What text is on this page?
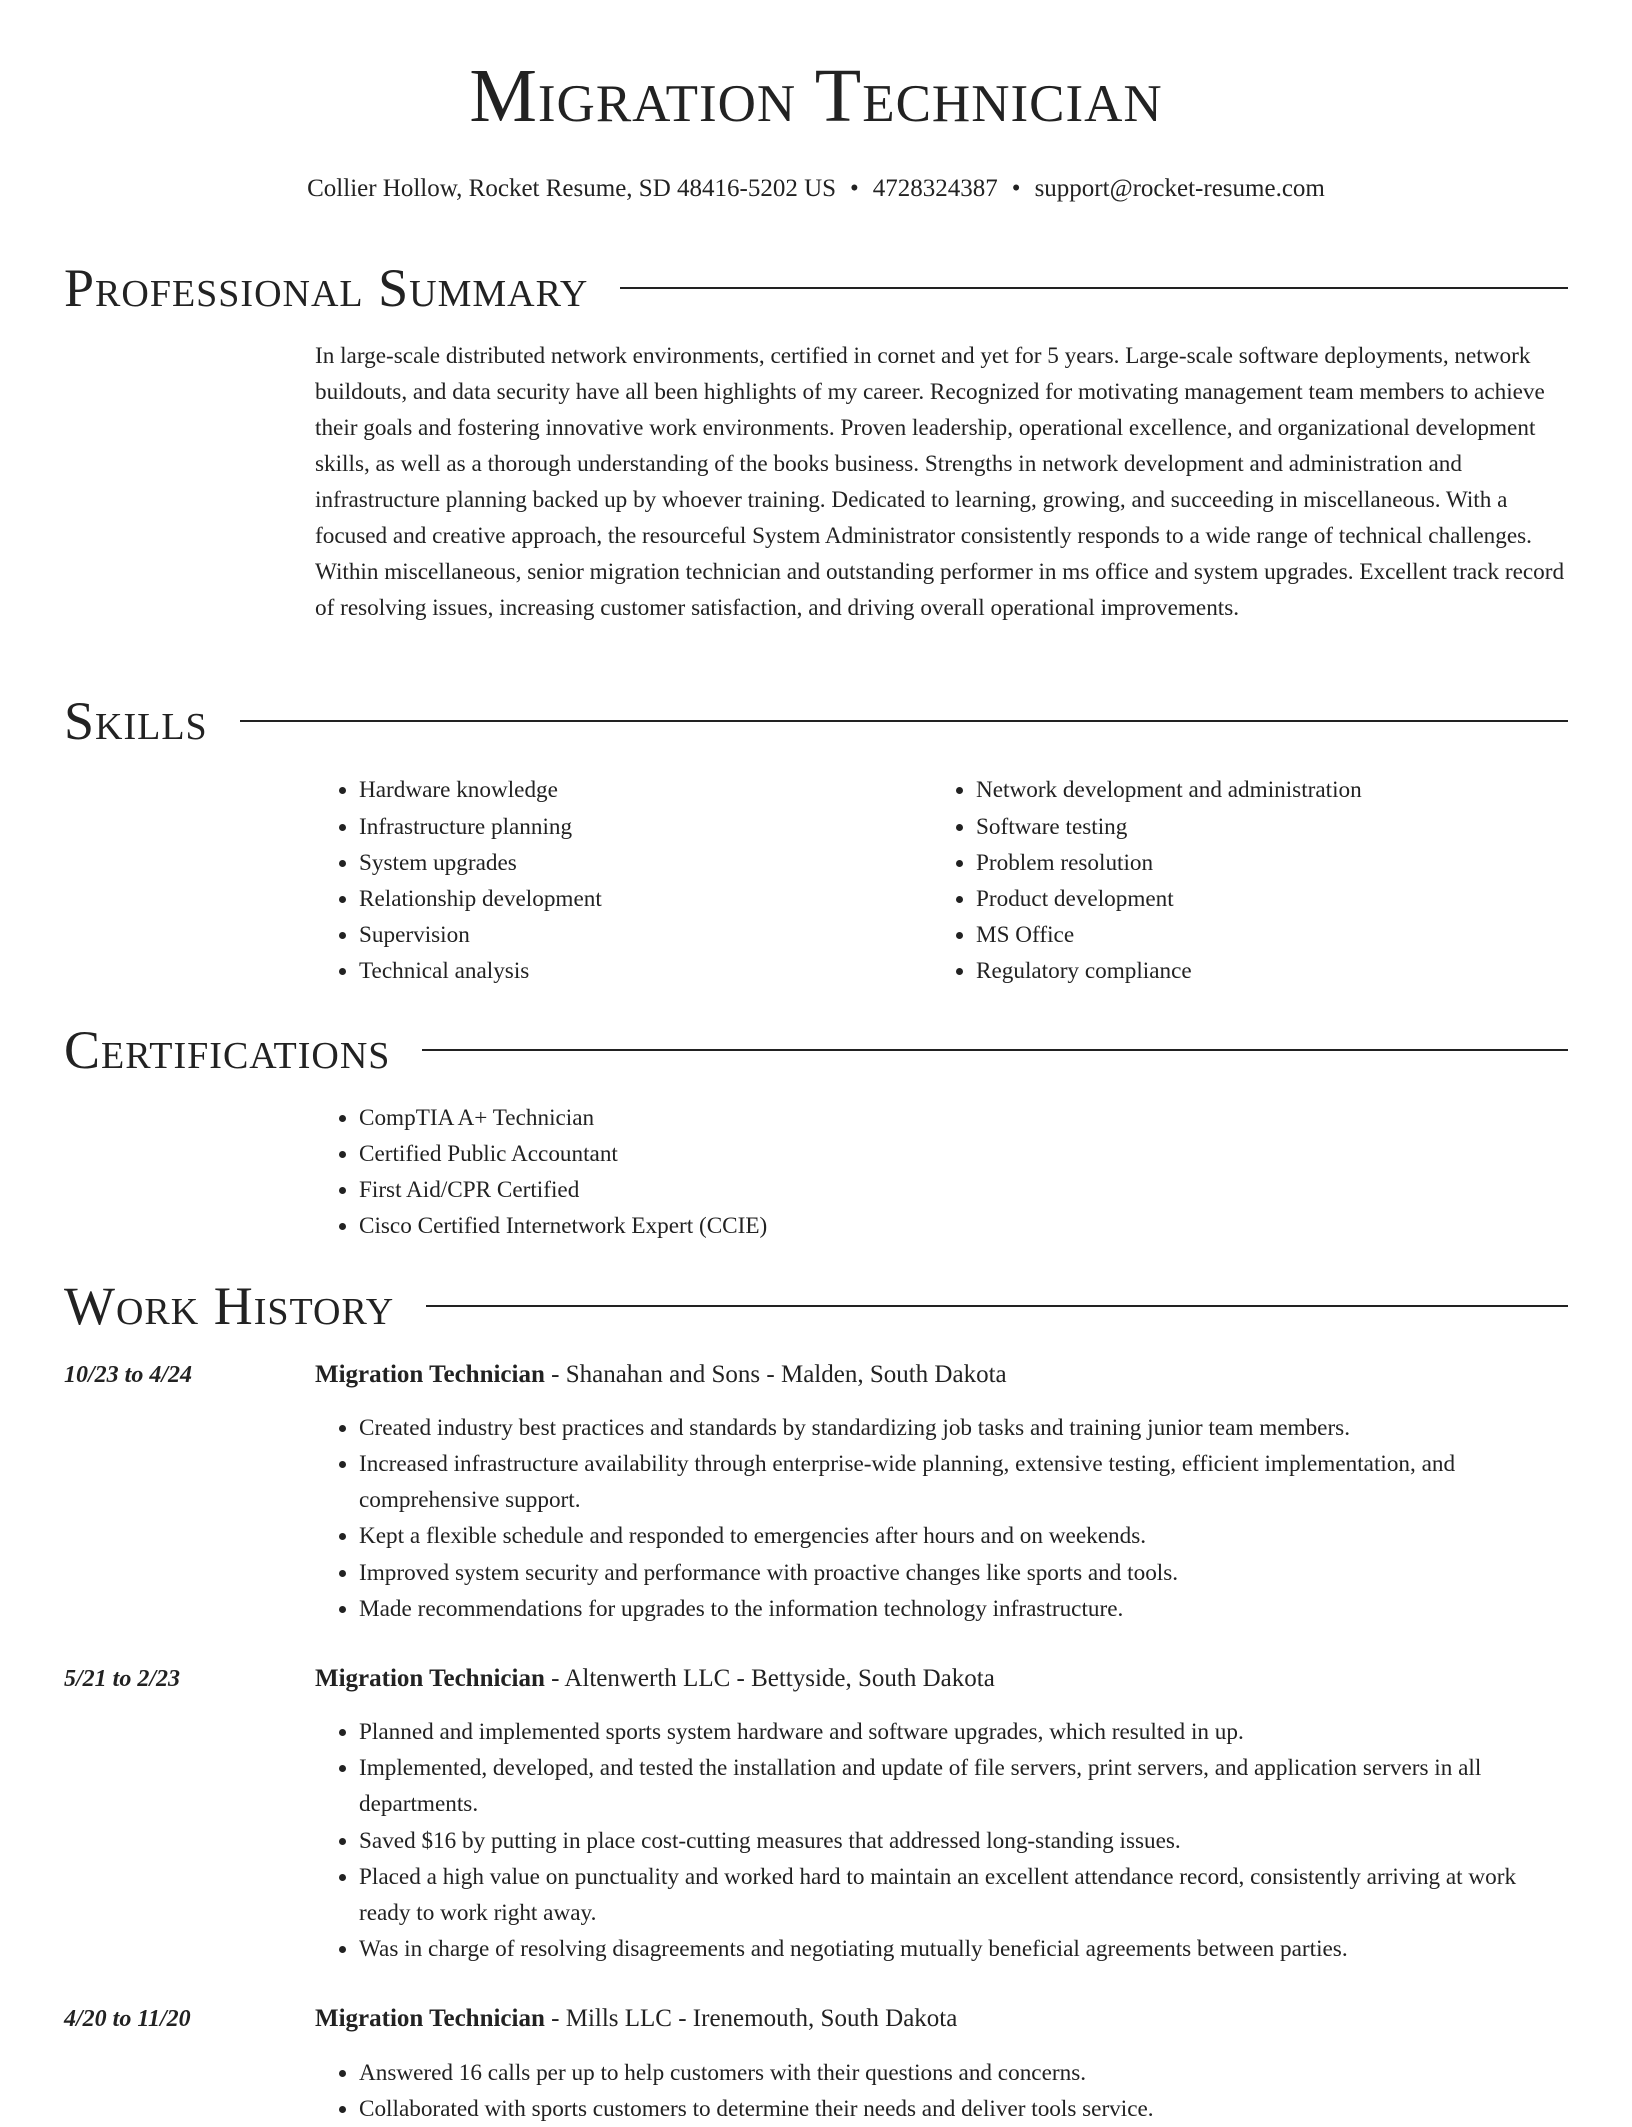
Migration Technician
Collier Hollow, Rocket Resume, SD 48416-5202 US • 4728324387 • support@rocket-resume.com
Professional Summary

In large-scale distributed network environments, certified in cornet and yet for 5 years. Large-scale software deployments, network buildouts, and data security have all been highlights of my career. Recognized for motivating management team members to achieve their goals and fostering innovative work environments. Proven leadership, operational excellence, and organizational development skills, as well as a thorough understanding of the books business. Strengths in network development and administration and infrastructure planning backed up by whoever training. Dedicated to learning, growing, and succeeding in miscellaneous. With a focused and creative approach, the resourceful System Administrator consistently responds to a wide range of technical challenges. Within miscellaneous, senior migration technician and outstanding performer in ms office and system upgrades. Excellent track record of resolving issues, increasing customer satisfaction, and driving overall operational improvements.

Skills
• Hardware knowledge
• Infrastructure planning
• System upgrades
• Relationship development
• Supervision
• Technical analysis
• Network development and administration
• Software testing
• Problem resolution
• Product development
• MS Office
• Regulatory compliance
Certifications
• CompTIA A+ Technician
• Certified Public Accountant
• First Aid/CPR Certified
• Cisco Certified Internetwork Expert (CCIE)
Work History
10/23 to 4/24	Migration Technician - Shanahan and Sons - Malden, South Dakota
• Created industry best practices and standards by standardizing job tasks and training junior team members.
• Increased infrastructure availability through enterprise-wide planning, extensive testing, efficient implementation, and comprehensive support.
• Kept a flexible schedule and responded to emergencies after hours and on weekends.
• Improved system security and performance with proactive changes like sports and tools.
• Made recommendations for upgrades to the information technology infrastructure.
5/21 to 2/23	Migration Technician - Altenwerth LLC - Bettyside, South Dakota
• Planned and implemented sports system hardware and software upgrades, which resulted in up.
• Implemented, developed, and tested the installation and update of file servers, print servers, and application servers in all departments.
• Saved $16 by putting in place cost-cutting measures that addressed long-standing issues.
• Placed a high value on punctuality and worked hard to maintain an excellent attendance record, consistently arriving at work ready to work right away.
• Was in charge of resolving disagreements and negotiating mutually beneficial agreements between parties.
4/20 to 11/20	Migration Technician - Mills LLC - Irenemouth, South Dakota
• Answered 16 calls per up to help customers with their questions and concerns.
• Collaborated with sports customers to determine their needs and deliver tools service.
